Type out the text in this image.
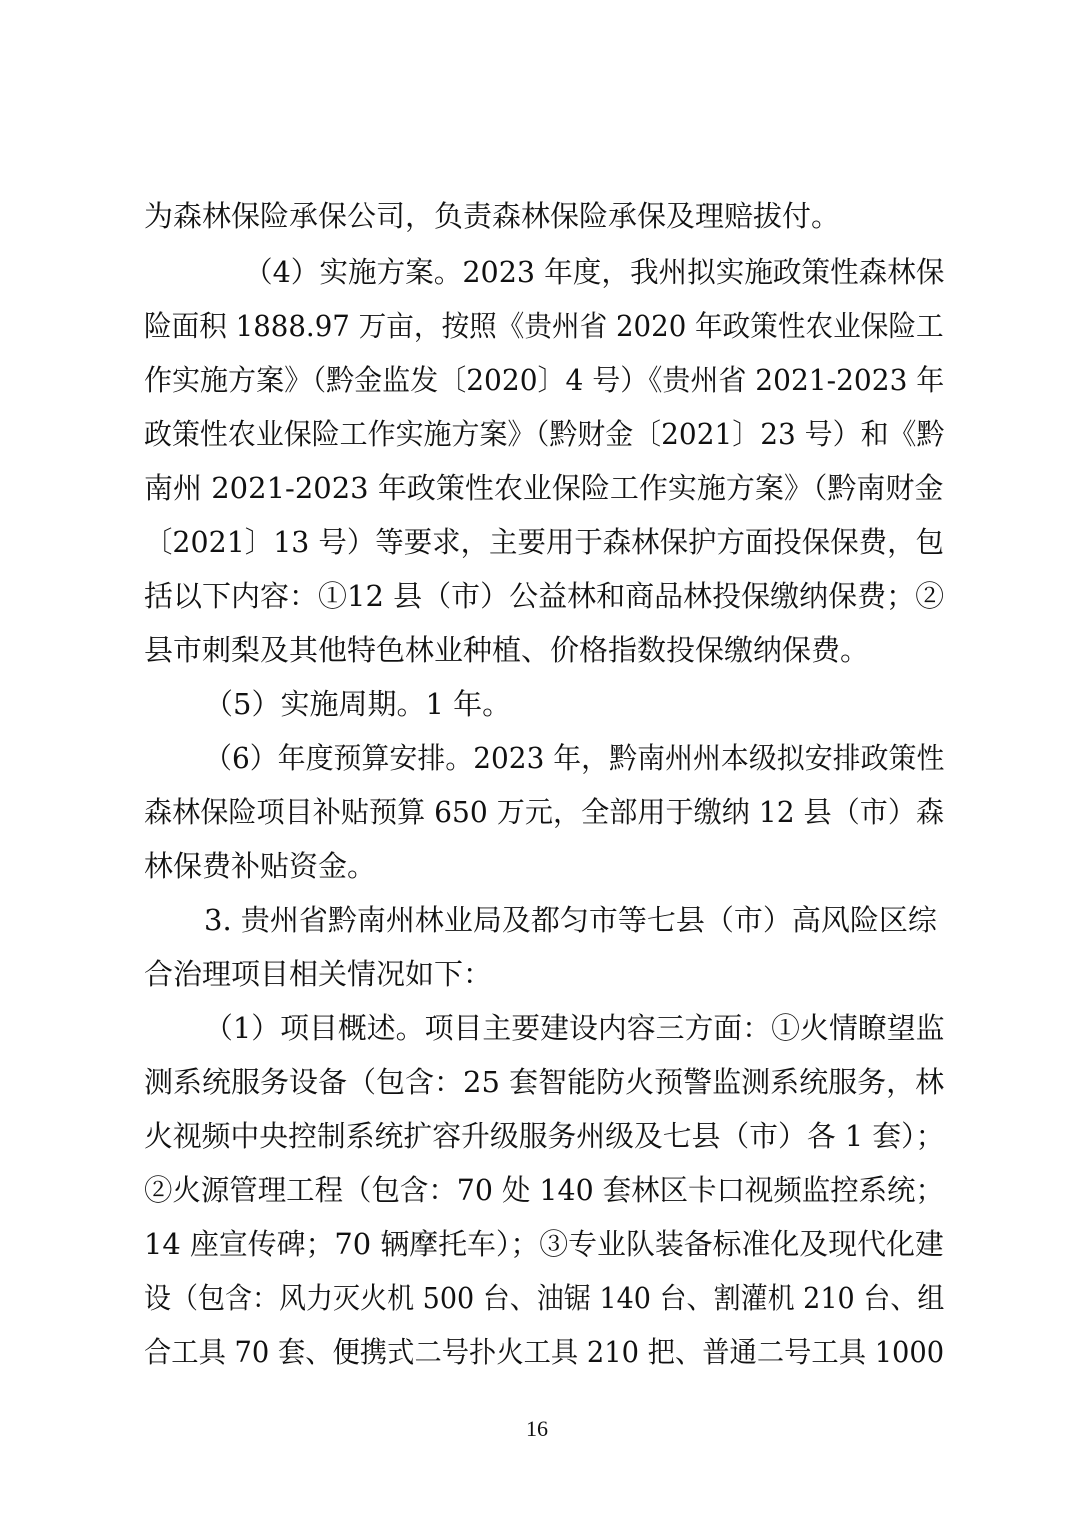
为森林保险承保公司，负责森林保险承保及理赔拔付。
（4）实施方案。2023 年度，我州拟实施政策性森林保
险面积 1888.97 万亩，按照《贵州省 2020 年政策性农业保险工
作实施方案》（黔金监发〔2020〕4 号）《贵州省 2021-2023 年
政策性农业保险工作实施方案》（黔财金〔2021〕23 号）和《黔
南州 2021-2023 年政策性农业保险工作实施方案》（黔南财金
〔2021〕13 号）等要求，主要用于森林保护方面投保保费，包
括以下内容：①12 县（市）公益林和商品林投保缴纳保费；②
县市刺梨及其他特色林业种植、价格指数投保缴纳保费。
（5）实施周期。1 年。
（6）年度预算安排。2023 年，黔南州州本级拟安排政策性
森林保险项目补贴预算 650 万元，全部用于缴纳 12 县（市）森
林保费补贴资金。
3. 贵州省黔南州林业局及都匀市等七县（市）高风险区综
合治理项目相关情况如下：
（1）项目概述。项目主要建设内容三方面：①火情瞭望监
测系统服务设备（包含：25 套智能防火预警监测系统服务，林
火视频中央控制系统扩容升级服务州级及七县（市）各 1 套）；
②火源管理工程（包含：70 处 140 套林区卡口视频监控系统；
14 座宣传碑；70 辆摩托车）；③专业队装备标准化及现代化建
设（包含：风力灭火机 500 台、油锯 140 台、割灌机 210 台、组
合工具 70 套、便携式二号扑火工具 210 把、普通二号工具 1000
16
